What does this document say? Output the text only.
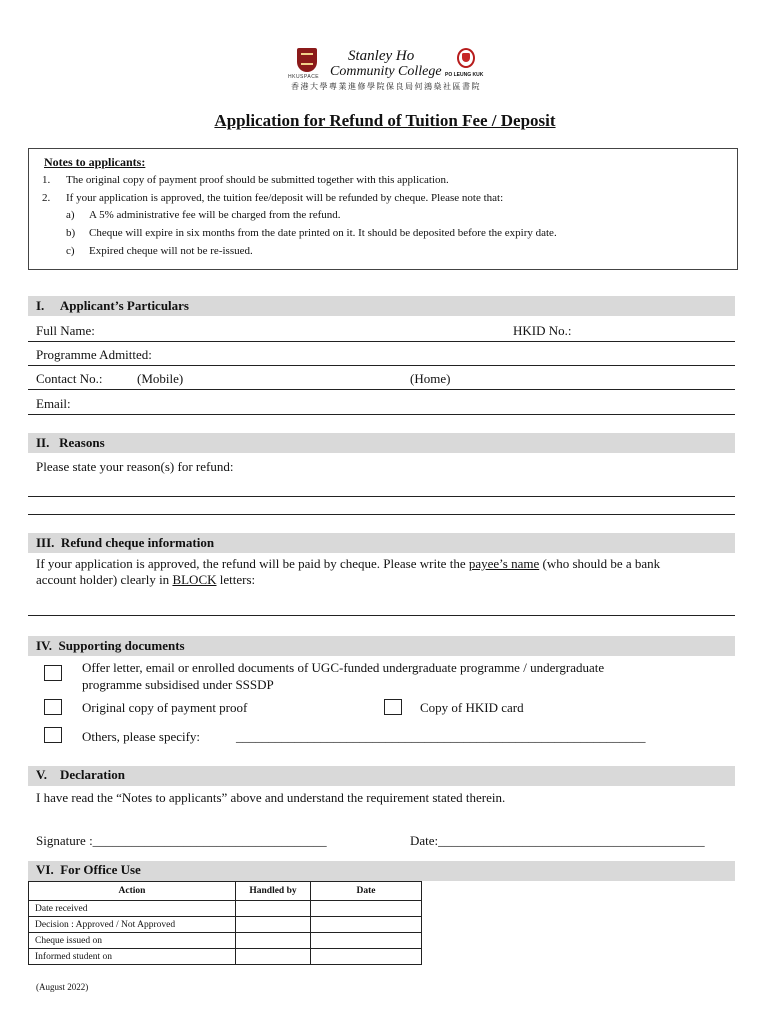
HKUSPACE
Stanley Ho
Community College PO LEUNG KUK
香港大學專業進修學院保良局何鴻燊社區書院
Application for Refund of Tuition Fee / Deposit
Notes to applicants:
1. The original copy of payment proof should be submitted together with this application.
2. If your application is approved, the tuition fee/deposit will be refunded by cheque. Please note that:
a) A 5% administrative fee will be charged from the refund.
b) Cheque will expire in six months from the date printed on it. It should be deposited before the expiry date.
c) Expired cheque will not be re-issued.
I.     Applicant’s Particulars
Full Name:	HKID No.:
Programme Admitted:
Contact No.:	(Mobile)	(Home)
Email:
II.   Reasons
Please state your reason(s) for refund:
III.  Refund cheque information
If your application is approved, the refund will be paid by cheque. Please write the payee’s name (who should be a bank
account holder) clearly in BLOCK letters:
IV.  Supporting documents
Offer letter, email or enrolled documents of UGC-funded undergraduate programme / undergraduate
programme subsidised under SSSDP
Original copy of payment proof	Copy of HKID card
Others, please specify:	_______________________________________________________________
V.    Declaration
I have read the “Notes to applicants” above and understand the requirement stated therein.
Signature :____________________________________	Date:_________________________________________
VI.  For Office Use
Action	Handled by	Date
Date received		
Decision : Approved / Not Approved		
Cheque issued on		
Informed student on		
(August 2022)
